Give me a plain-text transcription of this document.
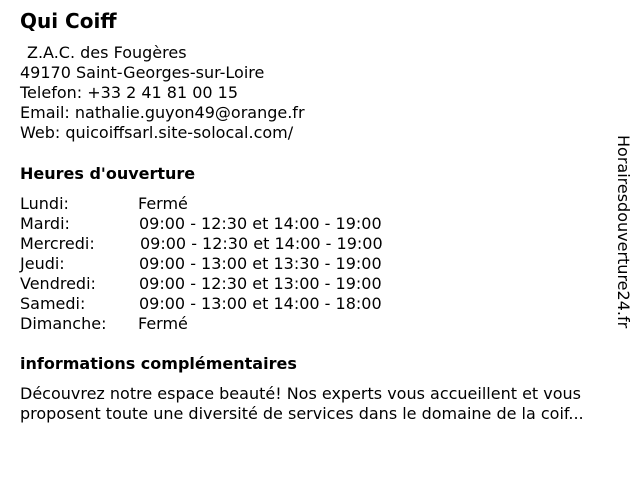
Qui Coiff
Z.A.C. des Fougères
49170 Saint-Georges-sur-Loire
Telefon: +33 2 41 81 00 15
Email: nathalie.guyon49@orange.fr
Web: quicoiffsarl.site-solocal.com/
Heures d'ouverture
Lundi:	Fermé
Mardi:	09:00 - 12:30 et 14:00 - 19:00
Mercredi:	09:00 - 12:30 et 14:00 - 19:00
Jeudi:	09:00 - 13:00 et 13:30 - 19:00
Vendredi:	09:00 - 12:30 et 13:00 - 19:00
Samedi:	09:00 - 13:00 et 14:00 - 18:00
Dimanche: Fermé
informations complémentaires
Découvrez notre espace beauté! Nos experts vous accueillent et vous
proposent toute une diversité de services dans le domaine de la coif...
Horairesdouverture24.fr
